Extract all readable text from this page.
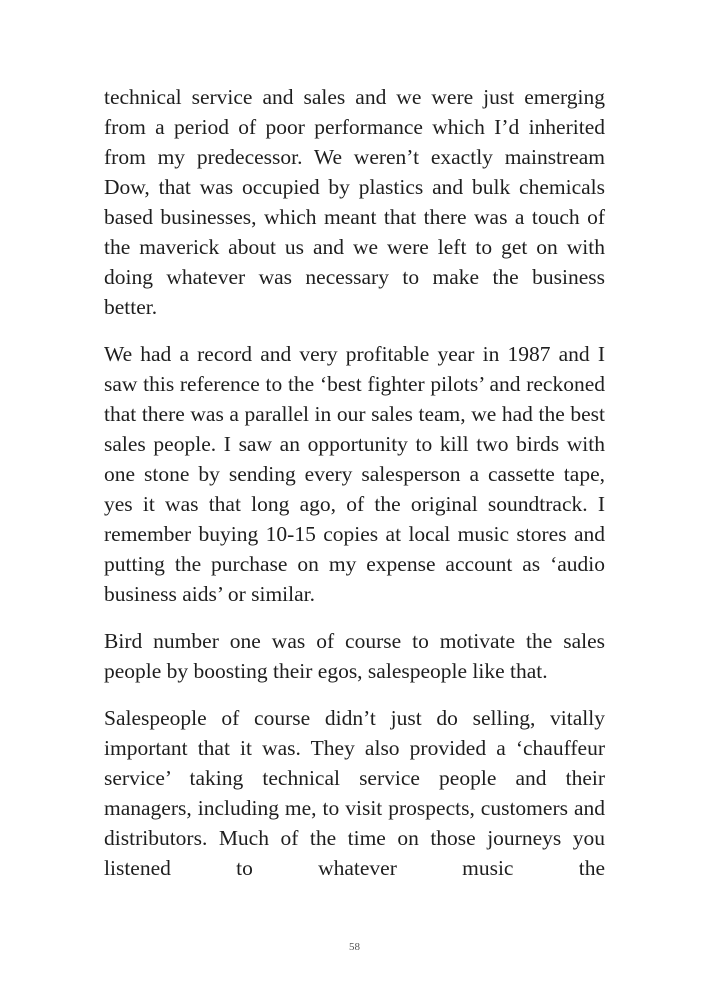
technical service and sales and we were just emerging from a period of poor performance which I’d inherited from my predecessor. We weren’t exactly mainstream Dow, that was occupied by plastics and bulk chemicals based businesses, which meant that there was a touch of the maverick about us and we were left to get on with doing whatever was necessary to make the business better.

We had a record and very profitable year in 1987 and I saw this reference to the ‘best fighter pilots’ and reckoned that there was a parallel in our sales team, we had the best sales people. I saw an opportunity to kill two birds with one stone by sending every salesperson a cassette tape, yes it was that long ago, of the original soundtrack. I remember buying 10-15 copies at local music stores and putting the purchase on my expense account as ‘audio business aids’ or similar.

Bird number one was of course to motivate the sales people by boosting their egos, salespeople like that.

Salespeople of course didn’t just do selling, vitally important that it was. They also provided a ‘chauffeur service’ taking technical service people and their managers, including me, to visit prospects, customers and distributors. Much of the time on those journeys you listened to whatever music the

58
